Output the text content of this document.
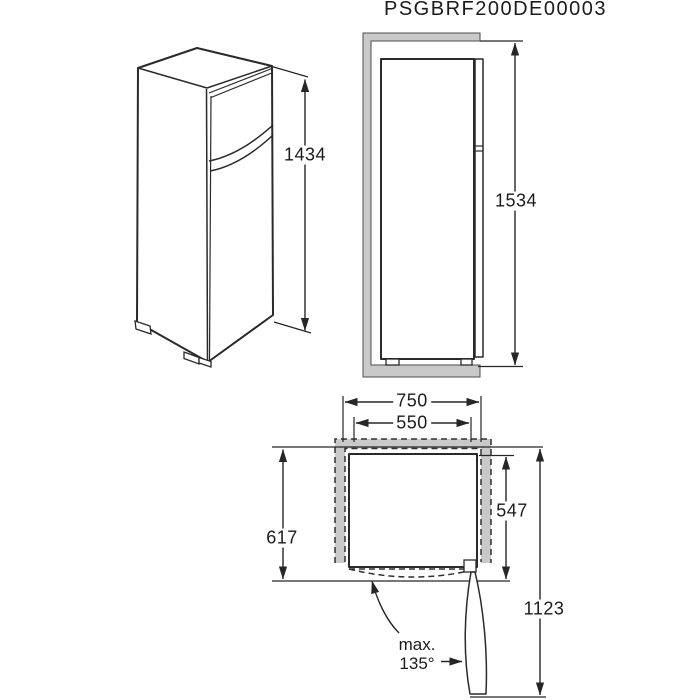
PSGBRF200DE00003
1434
1534
750
550
617
547
1123
max.
135°
